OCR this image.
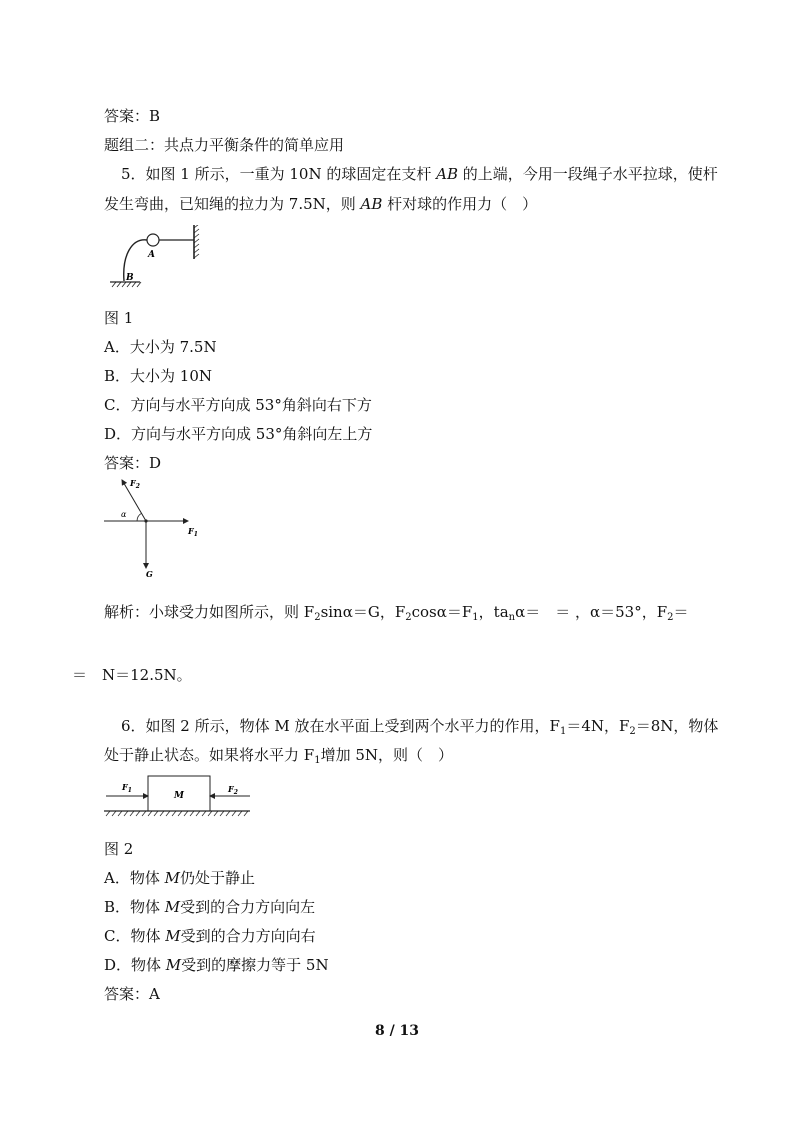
答案：B
题组二：共点力平衡条件的简单应用
5．如图 1 所示，一重为 10N 的球固定在支杆 AB 的上端，今用一段绳子水平拉球，使杆
发生弯曲，已知绳的拉力为 7.5N，则 AB 杆对球的作用力（　）
A
B
图 1
A．大小为 7.5N
B．大小为 10N
C．方向与水平方向成 53°角斜向右下方
D．方向与水平方向成 53°角斜向左上方
答案：D
α
$F_2$
$F_1$
G
解析：小球受力如图所示，则 $F_2\sin\alpha=G$，$F_2\cos\alpha=F_1$，$ta_n\alpha=$　＝ ，α＝53°，$F_2=$
＝　N＝12.5N。
6．如图 2 所示，物体 M 放在水平面上受到两个水平力的作用，$F_1=4N$，$F_2=8N$，物体
处于静止状态。如果将水平力 $F_1$增加 5N，则（　）
M
$F_1$	$F_2$
图 2
A．物体 M仍处于静止
B．物体 M受到的合力方向向左
C．物体 M受到的合力方向向右
D．物体 M受到的摩擦力等于 5N
答案：A
8 / 13
